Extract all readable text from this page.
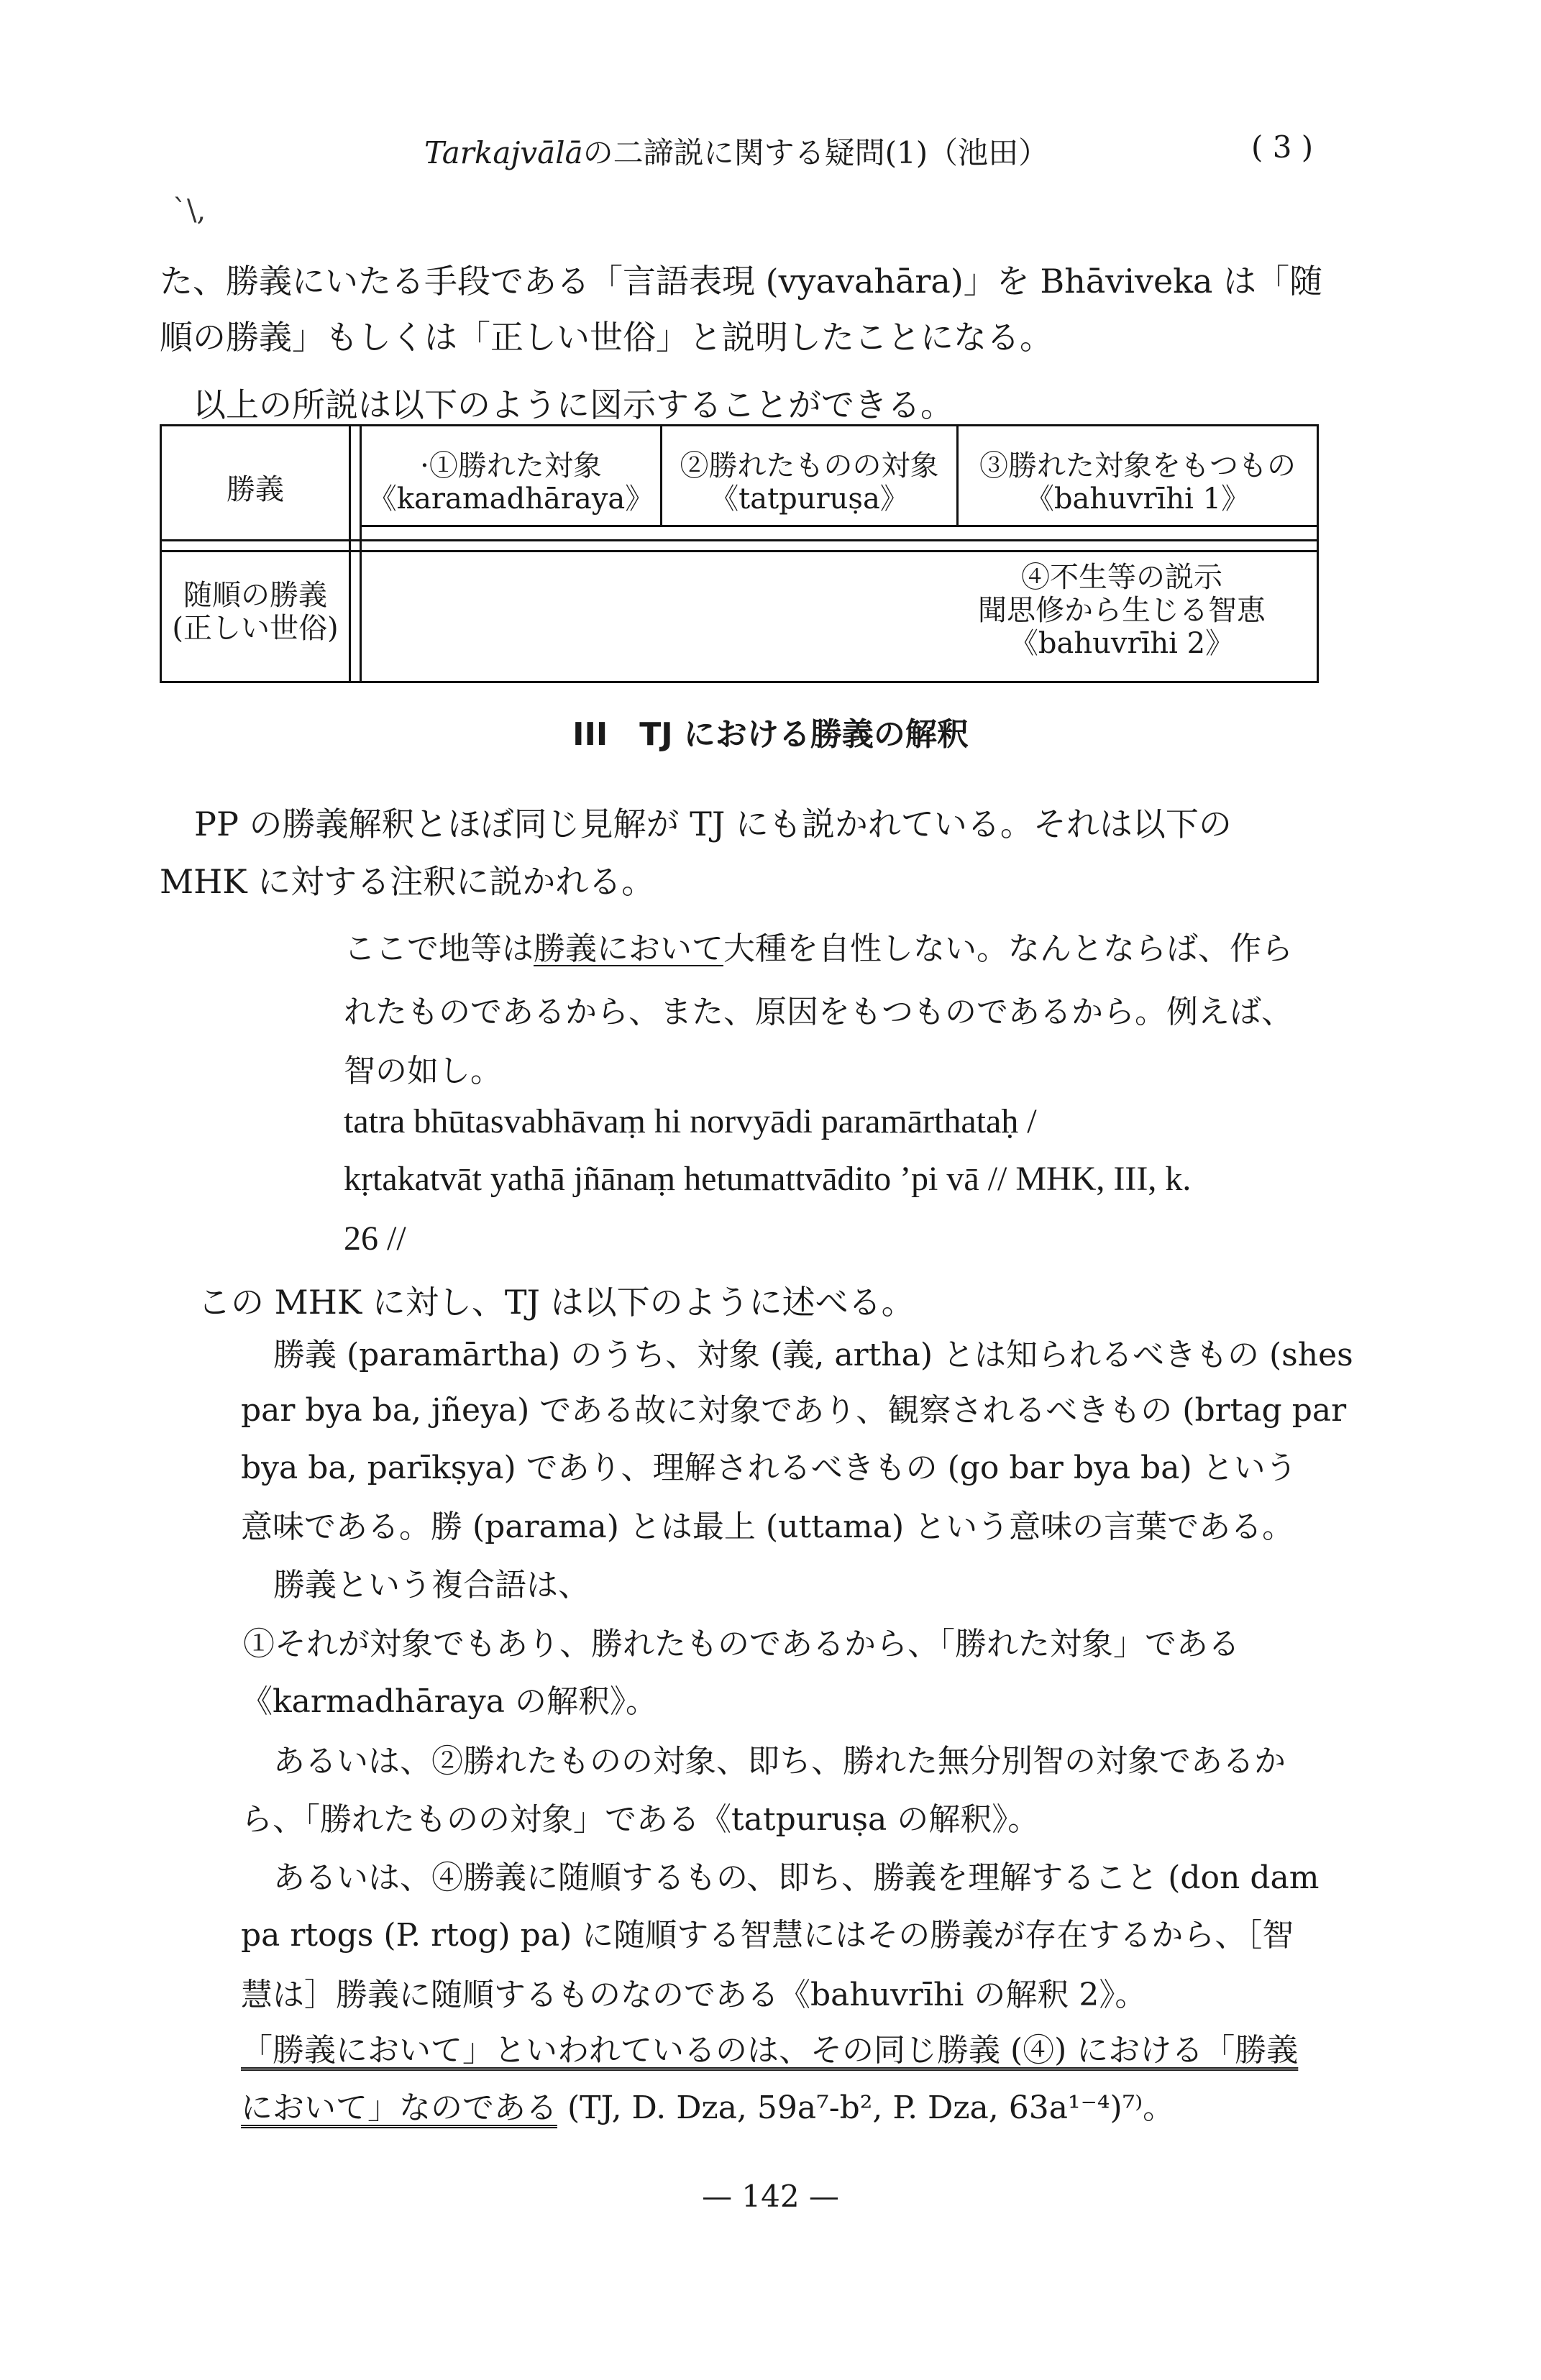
Tarkajvālāの二諦説に関する疑問(1)（池田）	( 3 )
`\,
た、勝義にいたる手段である「言語表現 (vyavahāra)」を Bhāviveka は「随
順の勝義」もしくは「正しい世俗」と説明したことになる。
以上の所説は以下のように図示することができる。
勝義
·①勝れた対象
《karamadhāraya》
②勝れたものの対象
《tatpuruṣa》
③勝れた対象をもつもの
《bahuvrīhi 1》
随順の勝義
(正しい世俗)
④不生等の説示
聞思修から生じる智恵
《bahuvrīhi 2》
III　TJ における勝義の解釈
PP の勝義解釈とほぼ同じ見解が TJ にも説かれている。それは以下の
MHK に対する注釈に説かれる。
ここで地等は勝義において大種を自性しない。なんとならば、作ら
れたものであるから、また、原因をもつものであるから。例えば、
智の如し。
tatra bhūtasvabhāvaṃ hi norvyādi paramārthataḥ /
kṛtakatvāt yathā jñānaṃ hetumattvādito ’pi vā // MHK, III, k.
26 //
この MHK に対し、TJ は以下のように述べる。
勝義 (paramārtha) のうち、対象 (義, artha) とは知られるべきもの (shes
par bya ba, jñeya) である故に対象であり、観察されるべきもの (brtag par
bya ba, parīkṣya) であり、理解されるべきもの (go bar bya ba) という
意味である。勝 (parama) とは最上 (uttama) という意味の言葉である。
勝義という複合語は、
①それが対象でもあり、勝れたものであるから、「勝れた対象」である
《karmadhāraya の解釈》。
あるいは、②勝れたものの対象、即ち、勝れた無分別智の対象であるか
ら、「勝れたものの対象」である《tatpuruṣa の解釈》。
あるいは、④勝義に随順するもの、即ち、勝義を理解すること (don dam
pa rtogs (P. rtog) pa) に随順する智慧にはその勝義が存在するから、［智
慧は］勝義に随順するものなのである《bahuvrīhi の解釈 2》。
「勝義において」といわれているのは、その同じ勝義 (④) における「勝義
において」なのである (TJ, D. Dza, 59a⁷-b², P. Dza, 63a¹⁻⁴)⁷⁾。
— 142 —
